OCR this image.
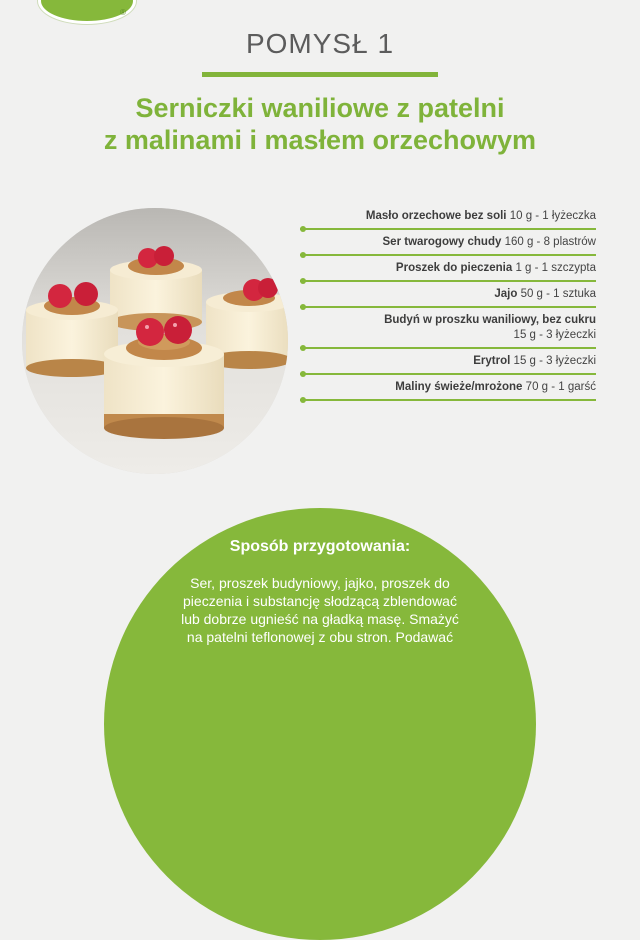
®
POMYSŁ 1
Serniczki waniliowe z patelni
z malinami i masłem orzechowym
Masło orzechowe bez soli 10 g - 1 łyżeczka
Ser twarogowy chudy 160 g - 8 plastrów
Proszek do pieczenia 1 g - 1 szczypta
Jajo 50 g - 1 sztuka
Budyń w proszku waniliowy, bez cukru
15 g - 3 łyżeczki
Erytrol 15 g - 3 łyżeczki
Maliny świeże/mrożone 70 g - 1 garść
Sposób przygotowania:
Ser, proszek budyniowy, jajko, proszek do
pieczenia i substancję słodzącą zblendować
lub dobrze ugnieść na gładką masę. Smażyć
na patelni teflonowej z obu stron. Podawać
